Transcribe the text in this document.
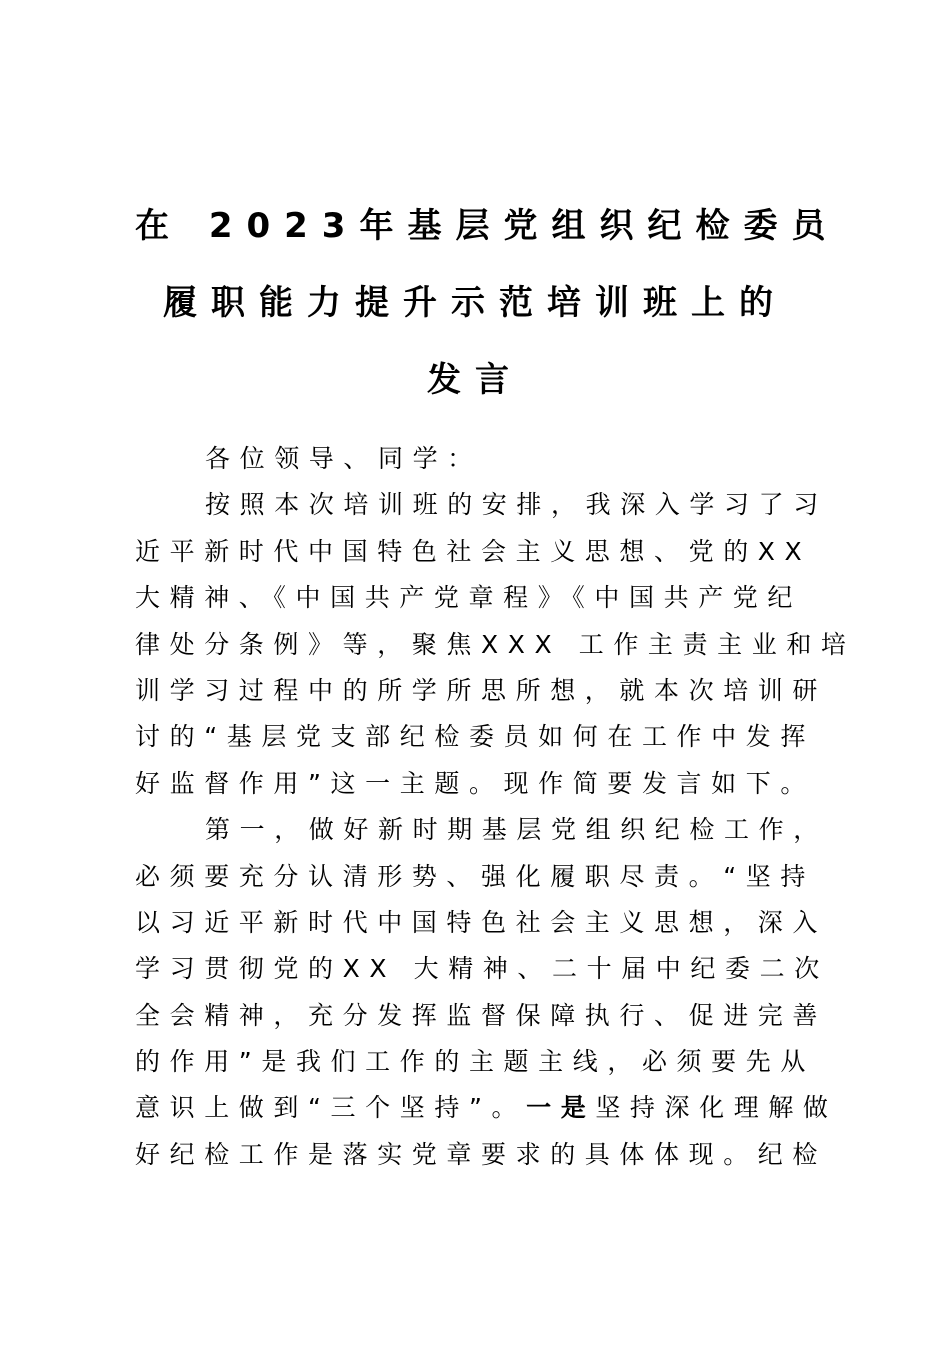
在 2023年基层党组织纪检委员
履职能力提升示范培训班上的
发言
各位领导、同学：
按照本次培训班的安排，我深入学习了习
近平新时代中国特色社会主义思想、党的XX
大精神、《中国共产党章程》《中国共产党纪
律处分条例》等，聚焦XXX 工作主责主业和培
训学习过程中的所学所思所想，就本次培训研
讨的“基层党支部纪检委员如何在工作中发挥
好监督作用”这一主题。现作简要发言如下。
第一，做好新时期基层党组织纪检工作，
必须要充分认清形势、强化履职尽责。“坚持
以习近平新时代中国特色社会主义思想，深入
学习贯彻党的XX 大精神、二十届中纪委二次
全会精神，充分发挥监督保障执行、促进完善
的作用”是我们工作的主题主线，必须要先从
意识上做到“三个坚持”。一是坚持深化理解做
好纪检工作是落实党章要求的具体体现。纪检
